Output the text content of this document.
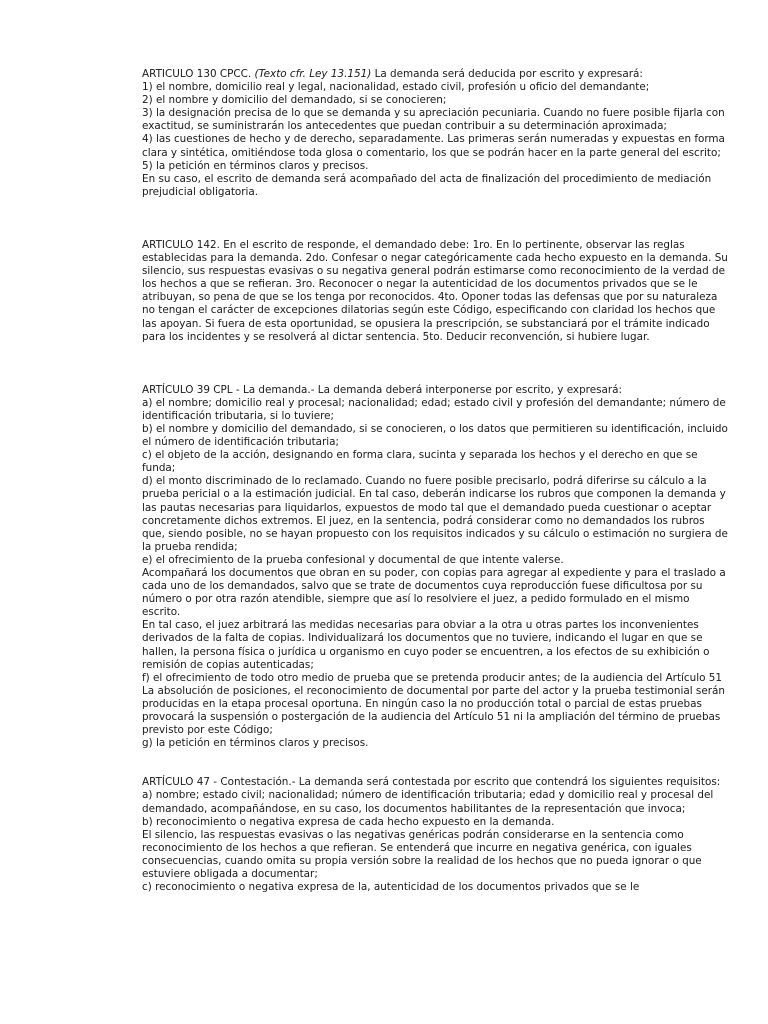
ARTICULO 130 CPCC. (Texto cfr. Ley 13.151) La demanda será deducida por escrito y expresará:

1) el nombre, domicilio real y legal, nacionalidad, estado civil, profesión u oficio del demandante;

2) el nombre y domicilio del demandado, si se conocieren;

3) la designación precisa de lo que se demanda y su apreciación pecuniaria. Cuando no fuere posible fijarla con exactitud, se suministrarán los antecedentes que puedan contribuir a su determinación aproximada;

4) las cuestiones de hecho y de derecho, separadamente. Las primeras serán numeradas y expuestas en forma clara y sintética, omitiéndose toda glosa o comentario, los que se podrán hacer en la parte general del escrito;

5) la petición en términos claros y precisos.

En su caso, el escrito de demanda será acompañado del acta de finalización del procedimiento de mediación prejudicial obligatoria.

ARTICULO 142. En el escrito de responde, el demandado debe: 1ro. En lo pertinente, observar las reglas establecidas para la demanda. 2do. Confesar o negar categóricamente cada hecho expuesto en la demanda. Su silencio, sus respuestas evasivas o su negativa general podrán estimarse como reconocimiento de la verdad de los hechos a que se refieran. 3ro. Reconocer o negar la autenticidad de los documentos privados que se le atribuyan, so pena de que se los tenga por reconocidos. 4to. Oponer todas las defensas que por su naturaleza no tengan el carácter de excepciones dilatorias según este Código, especificando con claridad los hechos que las apoyan. Si fuera de esta oportunidad, se opusiera la prescripción, se substanciará por el trámite indicado para los incidentes y se resolverá al dictar sentencia. 5to. Deducir reconvención, si hubiere lugar.

ARTÍCULO 39 CPL - La demanda.- La demanda deberá interponerse por escrito, y expresará:

a) el nombre; domicilio real y procesal; nacionalidad; edad; estado civil y profesión del demandante; número de identificación tributaria, si lo tuviere;

b) el nombre y domicilio del demandado, si se conocieren, o los datos que permitieren su identificación, incluido el número de identificación tributaria;

c) el objeto de la acción, designando en forma clara, sucinta y separada los hechos y el derecho en que se funda;

d) el monto discriminado de lo reclamado. Cuando no fuere posible precisarlo, podrá diferirse su cálculo a la prueba pericial o a la estimación judicial. En tal caso, deberán indicarse los rubros que componen la demanda y las pautas necesarias para liquidarlos, expuestos de modo tal que el demandado pueda cuestionar o aceptar concretamente dichos extremos. El juez, en la sentencia, podrá considerar como no demandados los rubros que, siendo posible, no se hayan propuesto con los requisitos indicados y su cálculo o estimación no surgiera de la prueba rendida;

e) el ofrecimiento de la prueba confesional y documental de que intente valerse.

Acompañará los documentos que obran en su poder, con copias para agregar al expediente y para el traslado a cada uno de los demandados, salvo que se trate de documentos cuya reproducción fuese dificultosa por su número o por otra razón atendible, siempre que así lo resolviere el juez, a pedido formulado en el mismo escrito.

En tal caso, el juez arbitrará las medidas necesarias para obviar a la otra u otras partes los inconvenientes derivados de la falta de copias. Individualizará los documentos que no tuviere, indicando el lugar en que se hallen, la persona física o jurídica u organismo en cuyo poder se encuentren, a los efectos de su exhibición o remisión de copias autenticadas;

f) el ofrecimiento de todo otro medio de prueba que se pretenda producir antes; de la audiencia del Artículo 51 La absolución de posiciones, el reconocimiento de documental por parte del actor y la prueba testimonial serán producidas en la etapa procesal oportuna. En ningún caso la no producción total o parcial de estas pruebas provocará la suspensión o postergación de la audiencia del Artículo 51 ni la ampliación del término de pruebas previsto por este Código;

g) la petición en términos claros y precisos.

ARTÍCULO 47 - Contestación.- La demanda será contestada por escrito que contendrá los siguientes requisitos:

a) nombre; estado civil; nacionalidad; número de identificación tributaria; edad y domicilio real y procesal del demandado, acompañándose, en su caso, los documentos habilitantes de la representación que invoca;

b) reconocimiento o negativa expresa de cada hecho expuesto en la demanda.

El silencio, las respuestas evasivas o las negativas genéricas podrán considerarse en la sentencia como reconocimiento de los hechos a que refieran. Se entenderá que incurre en negativa genérica, con iguales consecuencias, cuando omita su propia versión sobre la realidad de los hechos que no pueda ignorar o que estuviere obligada a documentar;

c) reconocimiento o negativa expresa de la, autenticidad de los documentos privados que se le
